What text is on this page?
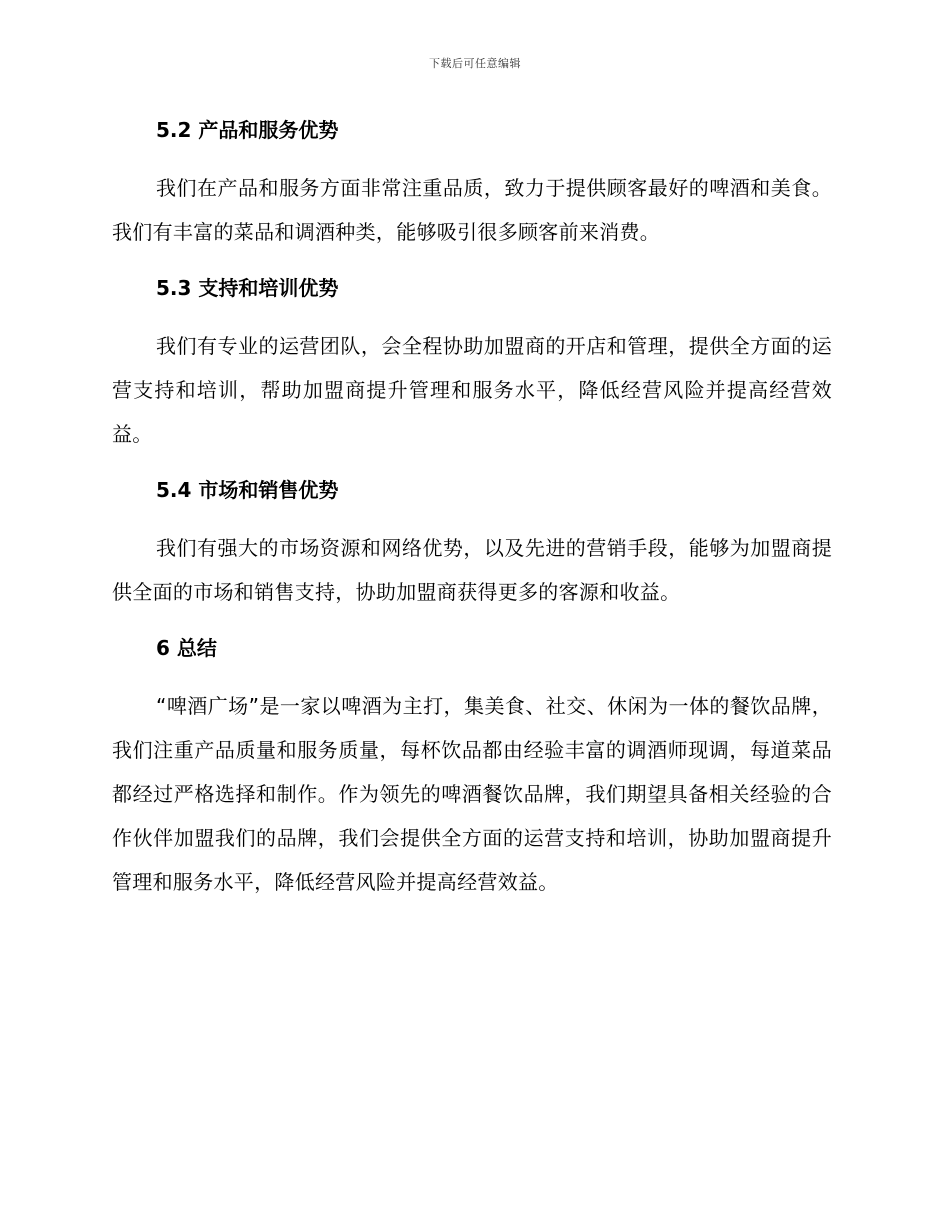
下载后可任意编辑
5.2 产品和服务优势

我们在产品和服务方面非常注重品质，致力于提供顾客最好的啤酒和美食。我们有丰富的菜品和调酒种类，能够吸引很多顾客前来消费。

5.3 支持和培训优势

我们有专业的运营团队，会全程协助加盟商的开店和管理，提供全方面的运营支持和培训，帮助加盟商提升管理和服务水平，降低经营风险并提高经营效益。

5.4 市场和销售优势

我们有强大的市场资源和网络优势，以及先进的营销手段，能够为加盟商提供全面的市场和销售支持，协助加盟商获得更多的客源和收益。

6 总结

“啤酒广场”是一家以啤酒为主打，集美食、社交、休闲为一体的餐饮品牌，我们注重产品质量和服务质量，每杯饮品都由经验丰富的调酒师现调，每道菜品都经过严格选择和制作。作为领先的啤酒餐饮品牌，我们期望具备相关经验的合作伙伴加盟我们的品牌，我们会提供全方面的运营支持和培训，协助加盟商提升管理和服务水平，降低经营风险并提高经营效益。
